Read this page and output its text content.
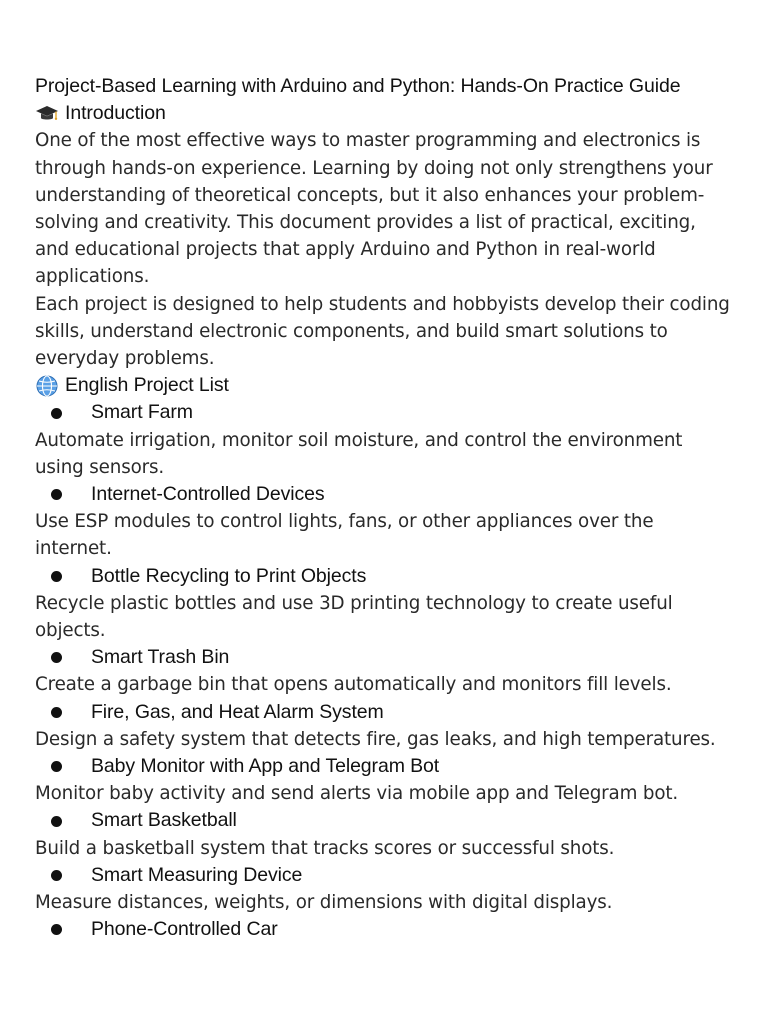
Project-Based Learning with Arduino and Python: Hands-On Practice Guide

Introduction

One of the most effective ways to master programming and electronics is through hands-on experience. Learning by doing not only strengthens your understanding of theoretical concepts, but it also enhances your problem-solving and creativity. This document provides a list of practical, exciting, and educational projects that apply Arduino and Python in real-world applications.

Each project is designed to help students and hobbyists develop their coding skills, understand electronic components, and build smart solutions to everyday problems.

English Project List
Smart Farm

Automate irrigation, monitor soil moisture, and control the environment using sensors.

Internet-Controlled Devices

Use ESP modules to control lights, fans, or other appliances over the internet.

Bottle Recycling to Print Objects

Recycle plastic bottles and use 3D printing technology to create useful objects.

Smart Trash Bin

Create a garbage bin that opens automatically and monitors fill levels.

Fire, Gas, and Heat Alarm System

Design a safety system that detects fire, gas leaks, and high temperatures.

Baby Monitor with App and Telegram Bot

Monitor baby activity and send alerts via mobile app and Telegram bot.

Smart Basketball

Build a basketball system that tracks scores or successful shots.

Smart Measuring Device

Measure distances, weights, or dimensions with digital displays.

Phone-Controlled Car
